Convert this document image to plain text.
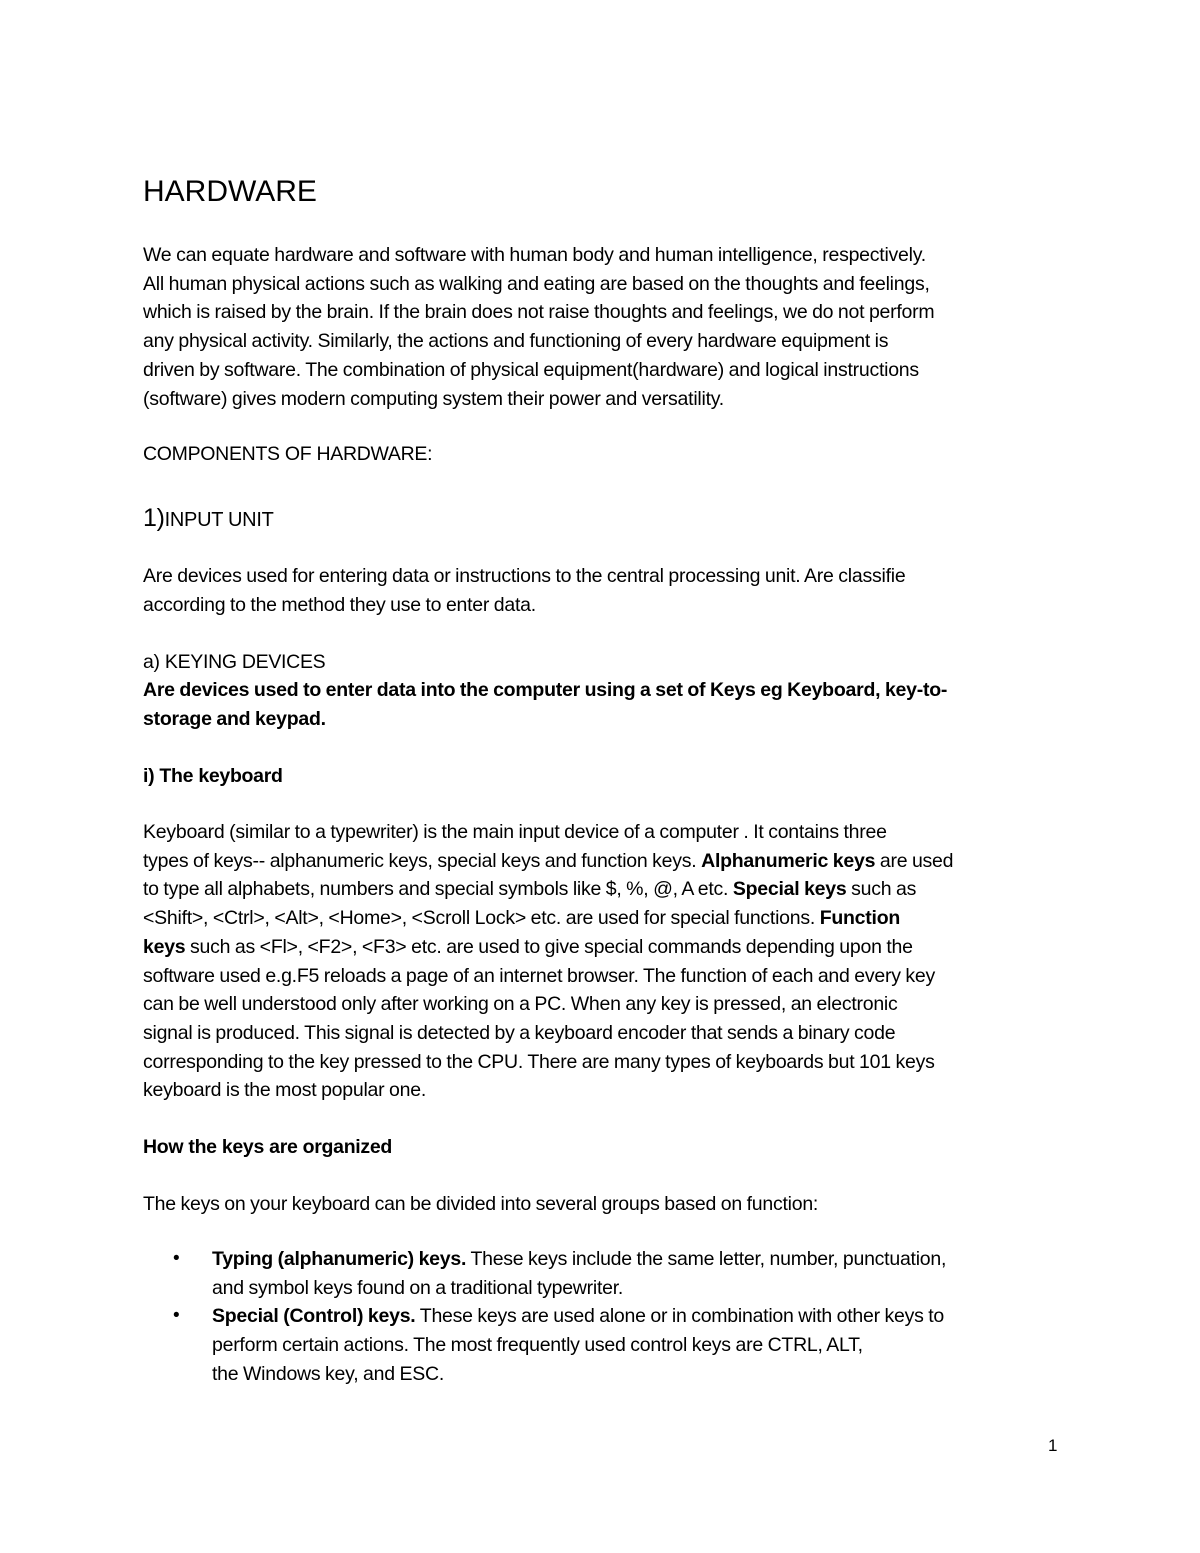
HARDWARE

We can equate hardware and software with human body and human intelligence, respectively.
All human physical actions such as walking and eating are based on the thoughts and feelings,
which is raised by the brain. If the brain does not raise thoughts and feelings, we do not perform
any physical activity. Similarly, the actions and functioning of every hardware equipment is
driven by software. The combination of physical equipment(hardware) and logical instructions
(software) gives modern computing system their power and versatility.

COMPONENTS OF HARDWARE:
1)INPUT UNIT

Are devices used for entering data or instructions to the central processing unit. Are classifie
according to the method they use to enter data.

a) KEYING DEVICES

Are devices used to enter data into the computer using a set of Keys eg Keyboard, key-to-
storage and keypad.

i) The keyboard

Keyboard (similar to a typewriter) is the main input device of a computer . It contains three
types of keys-- alphanumeric keys, special keys and function keys. Alphanumeric keys are used
to type all alphabets, numbers and special symbols like $, %, @, A etc. Special keys such as
<Shift>, <Ctrl>, <Alt>, <Home>, <Scroll Lock> etc. are used for special functions. Function
keys such as <Fl>, <F2>, <F3> etc. are used to give special commands depending upon the
software used e.g.F5 reloads a page of an internet browser. The function of each and every key
can be well understood only after working on a PC. When any key is pressed, an electronic
signal is produced. This signal is detected by a keyboard encoder that sends a binary code
corresponding to the key pressed to the CPU. There are many types of keyboards but 101 keys
keyboard is the most popular one.

How the keys are organized

The keys on your keyboard can be divided into several groups based on function:

• Typing (alphanumeric) keys. These keys include the same letter, number, punctuation,
and symbol keys found on a traditional typewriter.
• Special (Control) keys. These keys are used alone or in combination with other keys to
perform certain actions. The most frequently used control keys are CTRL, ALT,
the Windows key, and ESC.
1
